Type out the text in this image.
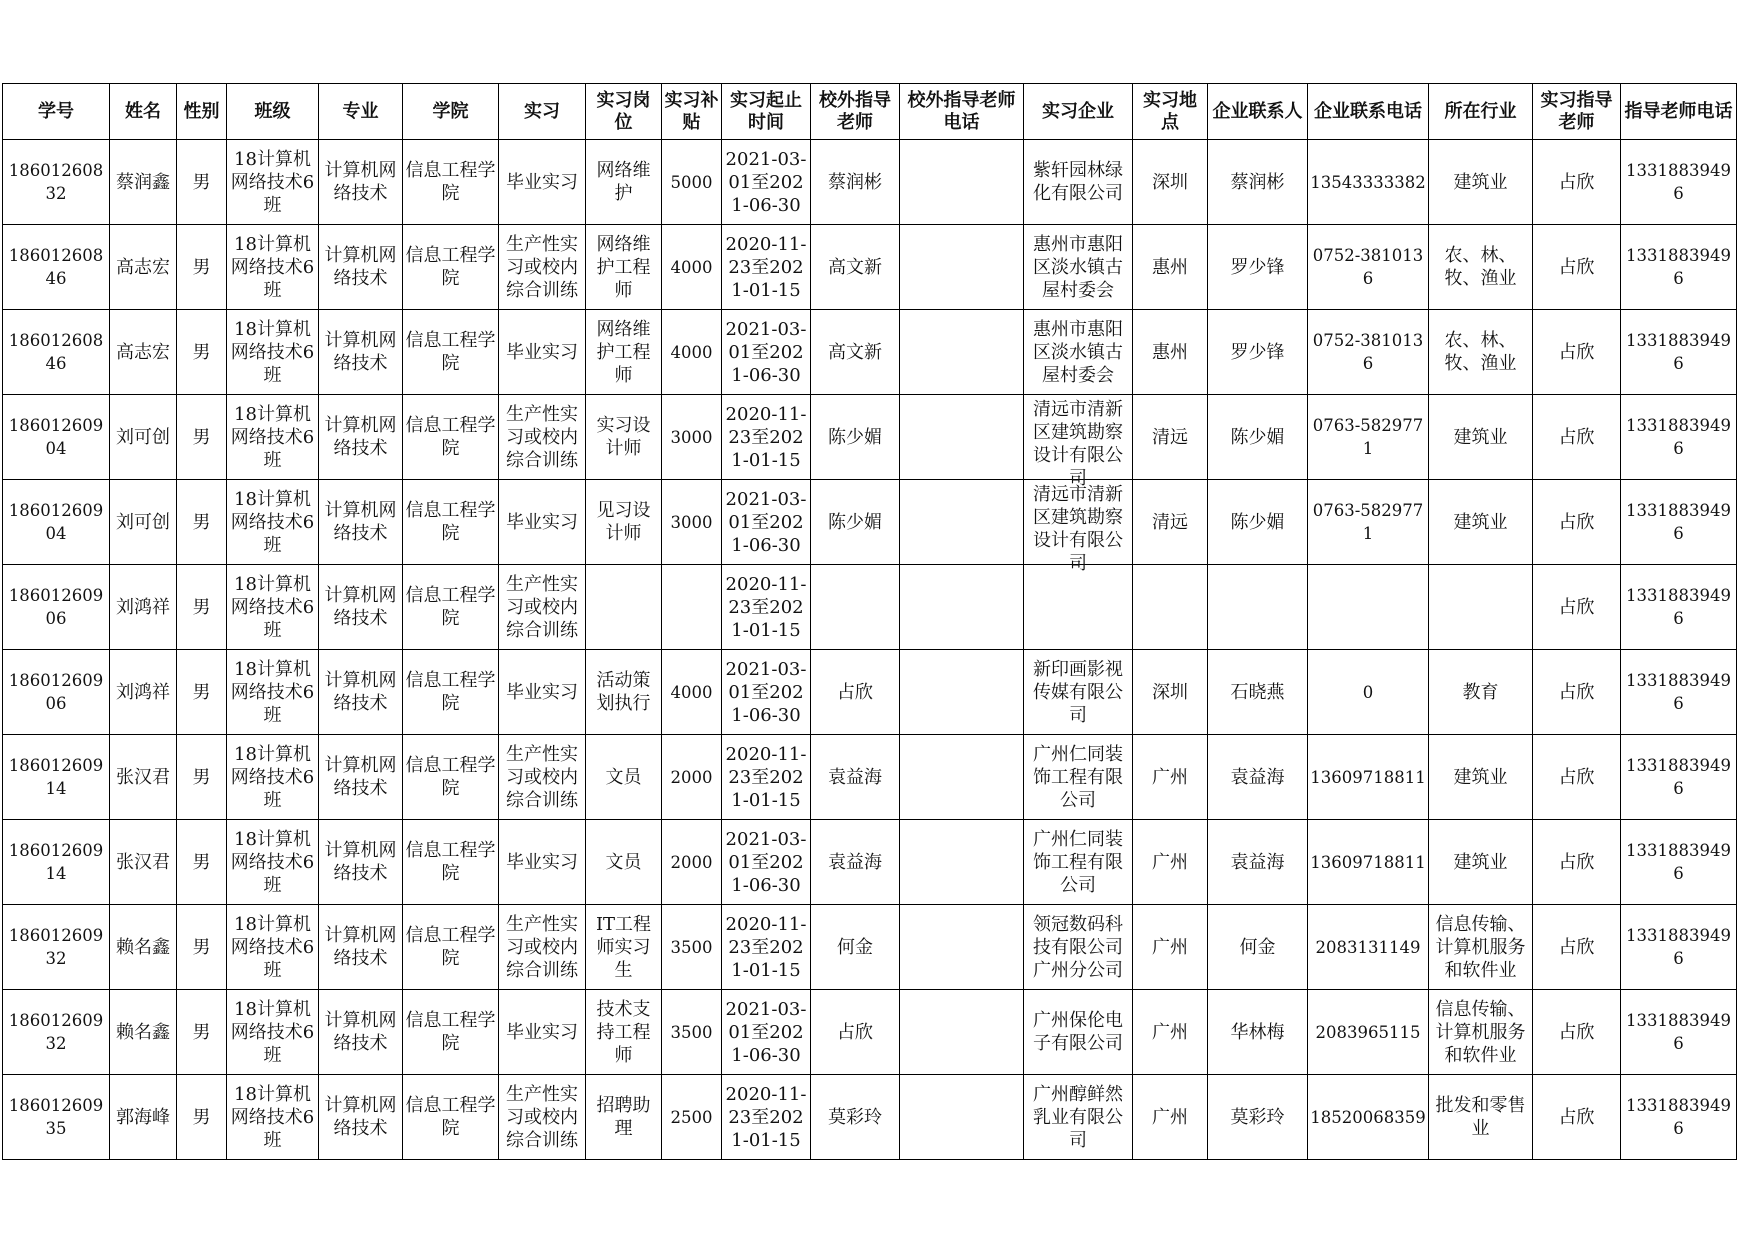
学号	姓名	性别	班级	专业	学院	实习	实习岗位	实习补贴	实习起止时间	校外指导老师	校外指导老师电话	实习企业	实习地点	企业联系人	企业联系电话	所在行业	实习指导老师	指导老师电话

18601260832	蔡润鑫	男	18计算机网络技术6班	计算机网络技术	信息工程学院	毕业实习	网络维护	5000	2021-03-01至2021-06-30	蔡润彬		紫轩园林绿化有限公司	深圳	蔡润彬	13543333382	建筑业	占欣	13318839496

18601260846	高志宏	男	18计算机网络技术6班	计算机网络技术	信息工程学院	生产性实习或校内综合训练	网络维护工程师	4000	2020-11-23至2021-01-15	高文新		惠州市惠阳区淡水镇古屋村委会	惠州	罗少锋	0752-3810136	农、林、牧、渔业	占欣	13318839496

18601260846	高志宏	男	18计算机网络技术6班	计算机网络技术	信息工程学院	毕业实习	网络维护工程师	4000	2021-03-01至2021-06-30	高文新		惠州市惠阳区淡水镇古屋村委会	惠州	罗少锋	0752-3810136	农、林、牧、渔业	占欣	13318839496

18601260904	刘可创	男	18计算机网络技术6班	计算机网络技术	信息工程学院	生产性实习或校内综合训练	实习设计师	3000	2020-11-23至2021-01-15	陈少媚		清远市清新区建筑勘察设计有限公司	清远	陈少媚	0763-5829771	建筑业	占欣	13318839496

18601260904	刘可创	男	18计算机网络技术6班	计算机网络技术	信息工程学院	毕业实习	见习设计师	3000	2021-03-01至2021-06-30	陈少媚		清远市清新区建筑勘察设计有限公司	清远	陈少媚	0763-5829771	建筑业	占欣	13318839496

18601260906	刘鸿祥	男	18计算机网络技术6班	计算机网络技术	信息工程学院	生产性实习或校内综合训练			2020-11-23至2021-01-15								占欣	13318839496

18601260906	刘鸿祥	男	18计算机网络技术6班	计算机网络技术	信息工程学院	毕业实习	活动策划执行	4000	2021-03-01至2021-06-30	占欣		新印画影视传媒有限公司	深圳	石晓燕	0	教育	占欣	13318839496

18601260914	张汉君	男	18计算机网络技术6班	计算机网络技术	信息工程学院	生产性实习或校内综合训练	文员	2000	2020-11-23至2021-01-15	袁益海		广州仁同装饰工程有限公司	广州	袁益海	13609718811	建筑业	占欣	13318839496

18601260914	张汉君	男	18计算机网络技术6班	计算机网络技术	信息工程学院	毕业实习	文员	2000	2021-03-01至2021-06-30	袁益海		广州仁同装饰工程有限公司	广州	袁益海	13609718811	建筑业	占欣	13318839496

18601260932	赖名鑫	男	18计算机网络技术6班	计算机网络技术	信息工程学院	生产性实习或校内综合训练	IT工程师实习生	3500	2020-11-23至2021-01-15	何金		领冠数码科技有限公司广州分公司	广州	何金	2083131149	信息传输、计算机服务和软件业	占欣	13318839496

18601260932	赖名鑫	男	18计算机网络技术6班	计算机网络技术	信息工程学院	毕业实习	技术支持工程师	3500	2021-03-01至2021-06-30	占欣		广州保伦电子有限公司	广州	华林梅	2083965115	信息传输、计算机服务和软件业	占欣	13318839496

18601260935	郭海峰	男	18计算机网络技术6班	计算机网络技术	信息工程学院	生产性实习或校内综合训练	招聘助理	2500	2020-11-23至2021-01-15	莫彩玲		广州醇鲜然乳业有限公司	广州	莫彩玲	18520068359	批发和零售业	占欣	13318839496
